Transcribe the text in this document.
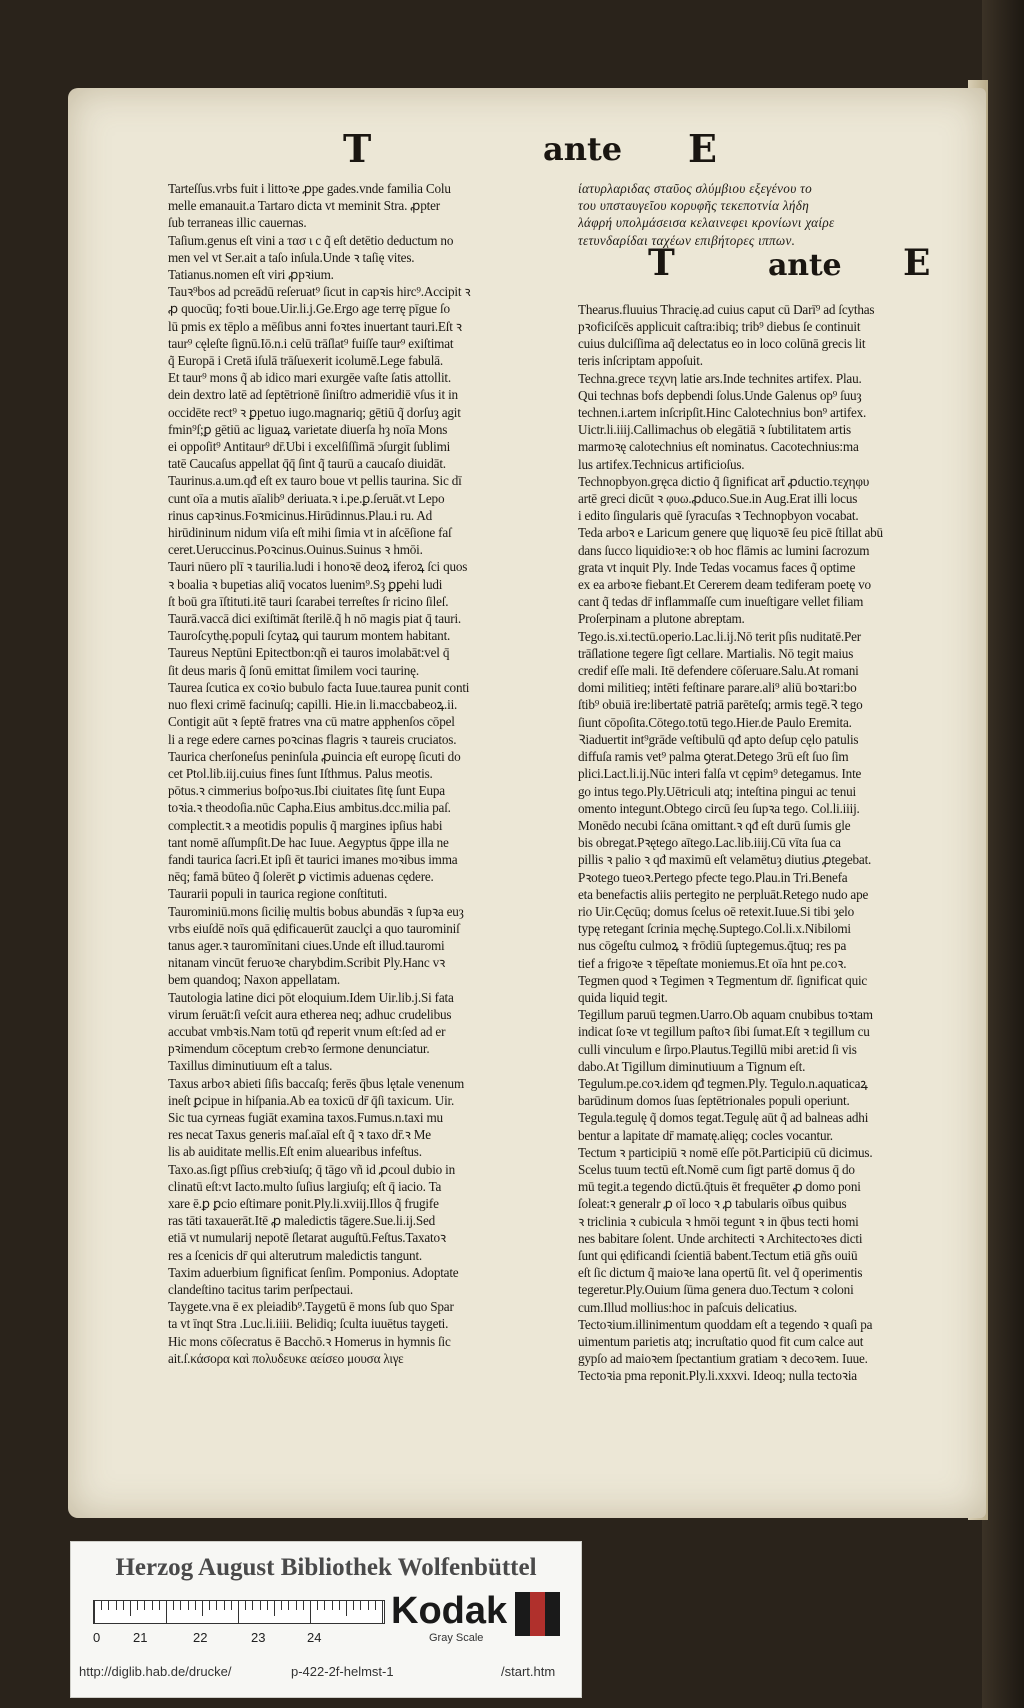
T	ante E

Tarteſſus.vrbs fuit i littoꝛe ꝓpe gades.vnde familia Colu

melle emanauit.a Tartaro dicta vt meminit Stra. ꝓpter

ſub terraneas illic cauernas.

Taſium.genus eſt vini a τασ ι c q̃ eſt detētio deductum no

men vel vt Ser.ait a taſo inſula.Unde ꝛ taſię vites.

Tatianus.nomen eſt viri ꝓpꝛium.

Tauꝛ⁹bos ad pcreādū reſeruat⁹ ſicut in capꝛis hirc⁹.Accipit ꝛ

ꝓ quocūq; foꝛti boue.Uir.li.j.Ge.Ergo age terrę pīgue ſo

lū pmis ex tēplo a mēſibus anni foꝛtes inuertant tauri.Eſt ꝛ

taur⁹ cęleſte ſignū.Iō.n.i celū trāſlat⁹ fuiſſe taur⁹ exiſtimat

q̃ Europā i Cretā iſulā trāſuexerit icolumē.Lege fabulā.

Et taur⁹ mons q̃ ab idico mari exurgēe vaſte ſatis attollit.

dein dextro latē ad ſeptētrionē ſiniſtro admeridiē vſus it in

occidēte rect⁹ ꝛ ꝑpetuo iugo.magnariq; gētiū q̃ dorſuȝ agit

fmin⁹ſ;ꝑ gētiū ac liguaꝝ varietate diuerſa hȝ noīa Mons

ei oppoſit⁹ Antitaur⁹ dr̄.Ubi i excelſiſſimā ↄſurgit ſublimi

tatē Caucaſus appellat q̄q̄ ſint q̃ taurū a caucaſo diuidāt.

Taurinus.a.um.qđ eſt ex tauro boue vt pellis taurina. Sic dī

cunt oīa a mutis aīalib⁹ deriuata.ꝛ i.pe.ꝑ.ſeruāt.vt Lepo

rinus capꝛinus.Foꝛmicinus.Hirūdinnus.Plau.i ru. Ad

hirūdininum nidum viſa eſt mihi ſimia vt in aſcēſione faſ

ceret.Ueruccinus.Poꝛcinus.Ouinus.Suinus ꝛ hmōi.

Tauri nūero plī ꝛ taurilia.ludi i honoꝛē deoꝝ iferoꝝ ſci quos

ꝛ boalia ꝛ bupetias aliq̄ vocatos luenim⁹.Sȝ ꝑꝑehi ludi

ſt boū gra īſtituti.itē tauri ſcarabei terreſtes ſr ricino ſileſ.

Taurā.vaccā dici exiſtimāt ſterilē.q̃ h nō magis piat q̄ tauri.

Tauroſcythę.populi ſcytaꝝ qui taurum montem habitant.

Taureus Neptūni Epitectbon:qñ ei tauros imolabāt:vel q̄

ſit deus maris q̃ ſonū emittat ſimilem voci taurinę.

Taurea ſcutica ex coꝛio bubulo facta Iuue.taurea punit conti

nuo flexi crimē facinuſq; capilli. Hie.in li.maccbabeoꝝ.ii.

Contigit aūt ꝛ ſeptē fratres vna cū matre apphenſos cōpel

li a rege edere carnes poꝛcinas flagris ꝛ taureis cruciatos.

Taurica cherſoneſus peninſula ꝓuincia eſt europę ſicuti do

cet Ptol.lib.iij.cuius fines ſunt Iſthmus. Palus meotis.

pōtus.ꝛ cimmerius boſpoꝛus.Ibi ciuitates ſitę ſunt Eupa

toꝛia.ꝛ theodoſia.nūc Capha.Eius ambitus.dcc.milia paſ.

complectit.ꝛ a meotidis populis q̃ margines ipſius habi

tant nomē aſſumpſit.De hac Iuue. Aegyptus q̄ppe illa ne

fandi taurica ſacri.Et ipſi ēt taurici imanes moꝛibus imma

nēq; famā būteo q̃ ſolerēt ꝑ victimis aduenas cędere.

Taurarii populi in taurica regione conſtituti.

Taurominiū.mons ſicilię multis bobus abundās ꝛ ſupꝛa euȝ

vrbs eiuſdē noīs quā ędificauerūt zauclçi a quo taurominiſ

tanus ager.ꝛ tauromīnitani ciues.Unde eſt illud.tauromi

nitanam vincūt feruoꝛe charybdim.Scribit Ply.Hanc vꝛ

bem quandoq; Naxon appellatam.

Tautologia latine dici pōt eloquium.Idem Uir.lib.j.Si fata

virum ſeruāt:ſi veſcit aura etherea neq; adhuc crudelibus

accubat vmbꝛis.Nam totū qđ reperit vnum eſt:ſed ad er

pꝛimendum cōceptum crebꝛo ſermone denunciatur.

Taxillus diminutiuum eſt a talus.

Taxus arboꝛ abieti ſiſis baccaſq; ferēs q̄bus lętale venenum

ineſt ꝑcipue in hiſpania.Ab ea toxicū dr̄ q̄ſi taxicum. Uir.

Sic tua cyrneas fugiāt examina taxos.Fumus.n.taxi mu

res necat Taxus generis maſ.aīal eſt q̃ ꝛ taxo dr̄.ꝛ Me

lis ab auiditate mellis.Eſt enim aluearibus infeſtus.

Taxo.as.ſigt pſſius crebꝛiuſq; q̄ tāgo vñ id ꝓcoul dubio in

clinatū eſt:vt Iacto.multo ſuſius largiuſq; eſt q̄ iacio. Ta

xare ē.ꝑ ꝑcio eſtimare ponit.Ply.li.xviij.Illos q̃ frugife

ras tāti taxauerāt.Itē ꝓ maledictis tāgere.Sue.li.ij.Sed

etiā vt numularij nepotē ſletarat auguſtū.Feſtus.Taxatoꝛ

res a ſcenicis dr̄ qui alterutrum maledictis tangunt.

Taxim aduerbium ſignificat ſenſim. Pomponius. Adoptate

clandeſtino tacitus tarim perſpectaui.

Taygete.vna ē ex pleiadib⁹.Taygetū ē mons ſub quo Spar

ta vt īnqt Stra .Luc.li.iiii. Belidiq; ſculta iuuētus taygeti.

Hic mons cōſecratus ē Bacchō.ꝛ Homerus in hymnis ſic

ait.ſ.κάσορα καὶ πολυδευκε αείσεο μουσα λιγε

ίατυρλαριδας σταῦος σλύμβιου εξεγένου το

του υπσταυγεῖου κορυφῆς τεκεποτνία λήδη

λάφρή υπολμάσεισα κελαινεφει κρονίωνι χαίρε

τετυνδαρίδαι ταχέων επιβήτορες ιππων.

T	ante E

Thearus.fluuius Thracię.ad cuius caput cū Darī⁹ ad ſcythas

pꝛoficiſcēs applicuit caſtra:ibiq; trib⁹ diebus ſe continuit

cuius dulciſſima aq̃ delectatus eo in loco colūnā grecis lit

teris inſcriptam appoſuit.

Techna.grece τεχνη latie ars.Inde technites artifex. Plau.

Qui technas bofs depbendi ſolus.Unde Galenus op⁹ ſuuȝ

technen.i.artem inſcripſit.Hinc Calotechnius bon⁹ artifex.

Uictr.li.iiij.Callimachus ob elegātiā ꝛ ſubtilitatem artis

marmoꝛę calotechnius eſt nominatus. Cacotechnius:ma

lus artifex.Technicus artificioſus.

Technopbyon.gręca dictio q̃ ſignificat art̄ ꝓductio.τεχηφυ

artē greci dicūt ꝛ φυω.ꝓduco.Sue.in Aug.Erat illi locus

i edito ſingularis quē ſyracuſas ꝛ Technopbyon vocabat.

Teda arboꝛ e Laricum genere quę liquoꝛē ſeu picē ſtillat abū

dans ſucco liquidioꝛe:ꝛ ob hoc flāmis ac lumini ſacrozum

grata vt inquit Ply. Inde Tedas vocamus faces q̃ optime

ex ea arboꝛe fiebant.Et Cererem deam tediferam poetę vo

cant q̃ tedas dr̄ inflammaſſe cum inueſtigare vellet filiam

Proſerpinam a plutone abreptam.

Tego.is.xi.tectū.operio.Lac.li.ij.Nō terit pſis nuditatē.Per

trāſlatione tegere ſigt cellare. Martialis. Nō tegit maius

credif eſſe mali. Itē defendere cōſeruare.Salu.At romani

domi militieq; intēti feſtinare parare.ali⁹ aliū boꝛtari:bo

ſtib⁹ obuiā ire:libertatē patriā parēteſq; armis tegē.Ꝛ tego

ſiunt cōpoſita.Cōtego.totū tego.Hier.de Paulo Eremita.

Ꝛiaduertit int⁹grāde veſtibulū qđ apto deſup cęlo patulis

diffuſa ramis vet⁹ palma ꝯterat.Detego 3rū eſt ſuo ſim

plici.Lact.li.ij.Nūc interi falſa vt cępim⁹ detegamus. Inte

go intus tego.Ply.Uētriculi atq; inteſtina pingui ac tenui

omento integunt.Obtego circū ſeu ſupꝛa tego. Col.li.iiij.

Monēdo necubi ſcāna omittant.ꝛ qđ eſt durū ſumis gle

bis obregat.Pꝛętego aītego.Lac.lib.iiij.Cū vīta ſua ca

pillis ꝛ palio ꝛ qđ maximū eſt velamētuȝ diutius ꝓtegebat.

Pꝛotego tueoꝛ.Pertego pfecte tego.Plau.in Tri.Benefa

eta benefactis aliis pertegito ne perpluāt.Retego nudo ape

rio Uir.Cęcūq; domus ſcelus oē retexit.Iuue.Si tibi ȝelo

typę retegant ſcrinia męchę.Suptego.Col.li.x.Nibilomi

nus cōgeſtu culmoꝝ ꝛ frōdiū ſuptegemus.q̄tuq; res pa

tief a frigoꝛe ꝛ tēpeſtate moniemus.Et oīa hnt pe.coꝛ.

Tegmen quod ꝛ Tegimen ꝛ Tegmentum dr̄. ſignificat quic

quida liquid tegit.

Tegillum paruū tegmen.Uarro.Ob aquam cnubibus toꝛtam

indicat ſoꝛe vt tegillum paſtoꝛ ſibi ſumat.Eſt ꝛ tegillum cu

culli vinculum e ſirpo.Plautus.Tegillū mibi aret:id ſi vis

dabo.At Tigillum diminutiuum a Tignum eſt.

Tegulum.pe.coꝛ.idem qđ tegmen.Ply. Tegulo.n.aquaticaꝝ

barūdinum domos ſuas ſeptētrionales populi operiunt.

Tegula.tegulę q̃ domos tegat.Tegulę aūt q̃ ad balneas adhi

bentur a lapitate dr̄ mamatę.alięq; cocles vocantur.

Tectum ꝛ participiū ꝛ nomē eſſe pōt.Participiū cū dicimus.

Scelus tuum tectū eſt.Nomē cum ſigt partē domus q̄ do

mū tegit.a tegendo dictū.q̄tuis ēt frequēter ꝓ domo poni

ſoleat:ꝛ generalr ꝓ oī loco ꝛ ꝓ tabularis oībus quibus

ꝛ triclinia ꝛ cubicula ꝛ hmōi tegunt ꝛ in q̄bus tecti homi

nes babitare ſolent. Unde architecti ꝛ Architectoꝛes dicti

ſunt qui ędificandi ſcientiā babent.Tectum etiā gñs ouiū

eſt ſic dictum q̃ maioꝛe lana opertū ſit. vel q̃ operimentis

tegeretur.Ply.Ouium ſūma genera duo.Tectum ꝛ coloni

cum.Illud mollius:hoc in paſcuis delicatius.

Tectoꝛium.illinimentum quoddam eſt a tegendo ꝛ quaſi pa

uimentum parietis atq; incruſtatio quod fit cum calce aut

gypſo ad maioꝛem ſpectantium gratiam ꝛ decoꝛem. Iuue.

Tectoꝛia pma reponit.Ply.li.xxxvi. Ideoq; nulla tectoꝛia

Herzog August Bibliothek Wolfenbüttel
0	21	22	23	24
Kodak
Gray Scale
http://diglib.hab.de/drucke/	p-422-2f-helmst-1	/start.htm
